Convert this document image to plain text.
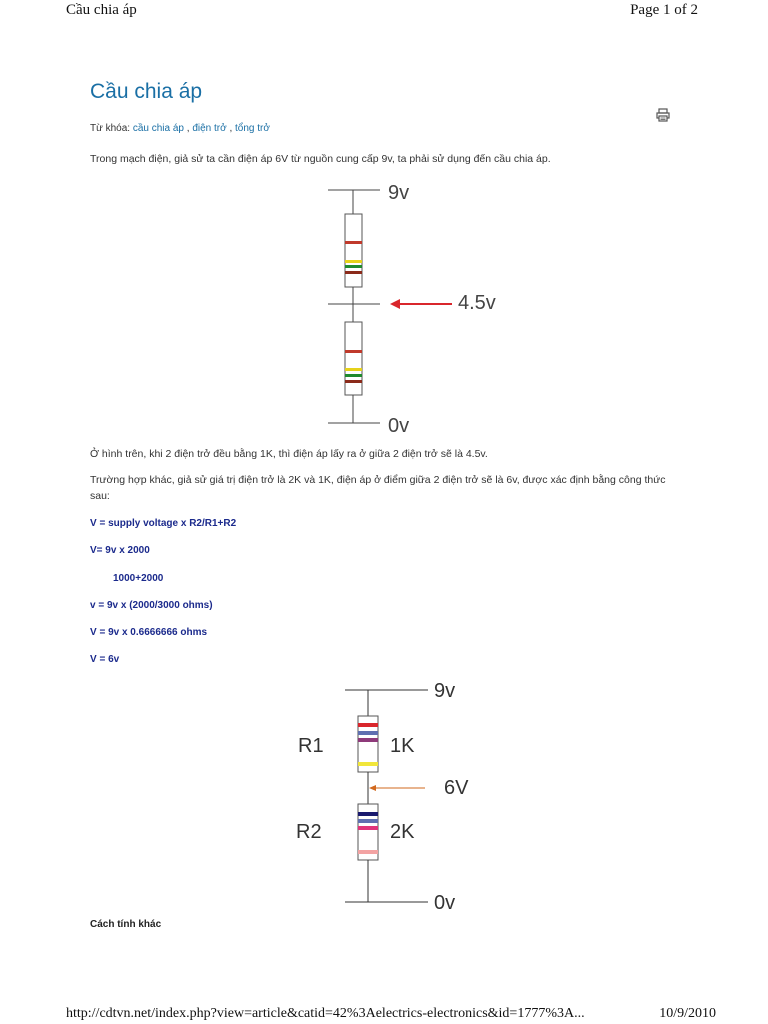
Cầu chia áp	Page 1 of 2
Cầu chia áp
Từ khóa: cầu chia áp , điện trở , tổng trở

Trong mạch điện, giả sử ta cần điện áp 6V từ nguồn cung cấp 9v, ta phải sử dụng đến cầu chia áp.

9v
4.5v
0v

Ở hình trên, khi 2 điện trở đều bằng 1K, thì điện áp lấy ra ở giữa 2 điện trở sẽ là 4.5v.

Trường hợp khác, giả sử giá trị điện trở là 2K và 1K, điện áp ở điểm giữa 2 điện trở sẽ là 6v, được xác định bằng công thức sau:

V = supply voltage x R2/R1+R2

V= 9v x 2000

1000+2000

v = 9v x (2000/3000 ohms)

V = 9v x 0.6666666 ohms

V = 6v

9v
R1	1K
6V
R2	2K
0v

Cách tính khác

http://cdtvn.net/index.php?view=article&catid=42%3Aelectrics-electronics&id=1777%3A...	10/9/2010
